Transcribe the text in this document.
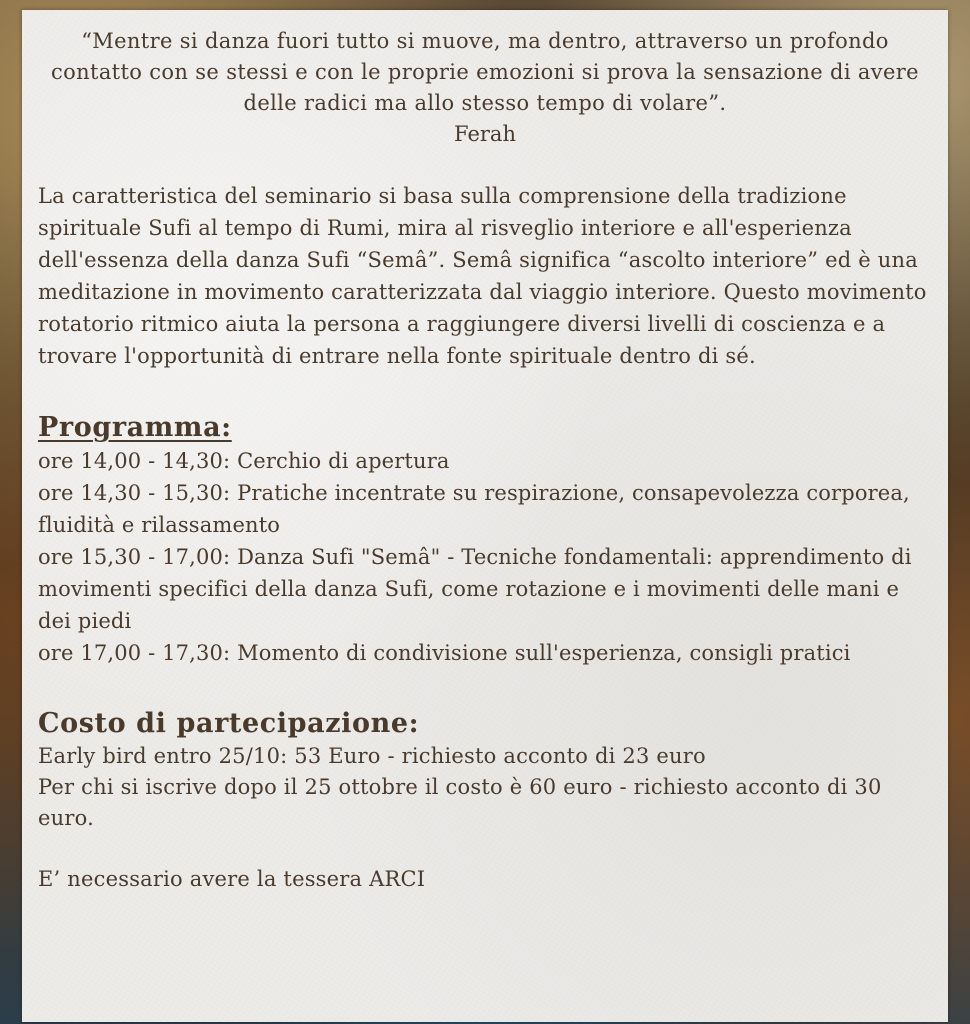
“Mentre si danza fuori tutto si muove, ma dentro, attraverso un profondo contatto con se stessi e con le proprie emozioni si prova la sensazione di avere delle radici ma allo stesso tempo di volare”.

Ferah

La caratteristica del seminario si basa sulla comprensione della tradizione spirituale Sufi al tempo di Rumi, mira al risveglio interiore e all'esperienza dell'essenza della danza Sufi “Semâ”. Semâ significa “ascolto interiore” ed è una meditazione in movimento caratterizzata dal viaggio interiore. Questo movimento rotatorio ritmico aiuta la persona a raggiungere diversi livelli di coscienza e a trovare l'opportunità di entrare nella fonte spirituale dentro di sé.

Programma:
ore 14,00 - 14,30: Cerchio di apertura
ore 14,30 - 15,30: Pratiche incentrate su respirazione, consapevolezza corporea, fluidità e rilassamento
ore 15,30 - 17,00: Danza Sufi "Semâ" - Tecniche fondamentali: apprendimento di movimenti specifici della danza Sufi, come rotazione e i movimenti delle mani e dei piedi
ore 17,00 - 17,30: Momento di condivisione sull'esperienza, consigli pratici
Costo di partecipazione:

Early bird entro 25/10: 53 Euro - richiesto acconto di 23 euro

Per chi si iscrive dopo il 25 ottobre il costo è 60 euro - richiesto acconto di 30 euro.

E’ necessario avere la tessera ARCI
